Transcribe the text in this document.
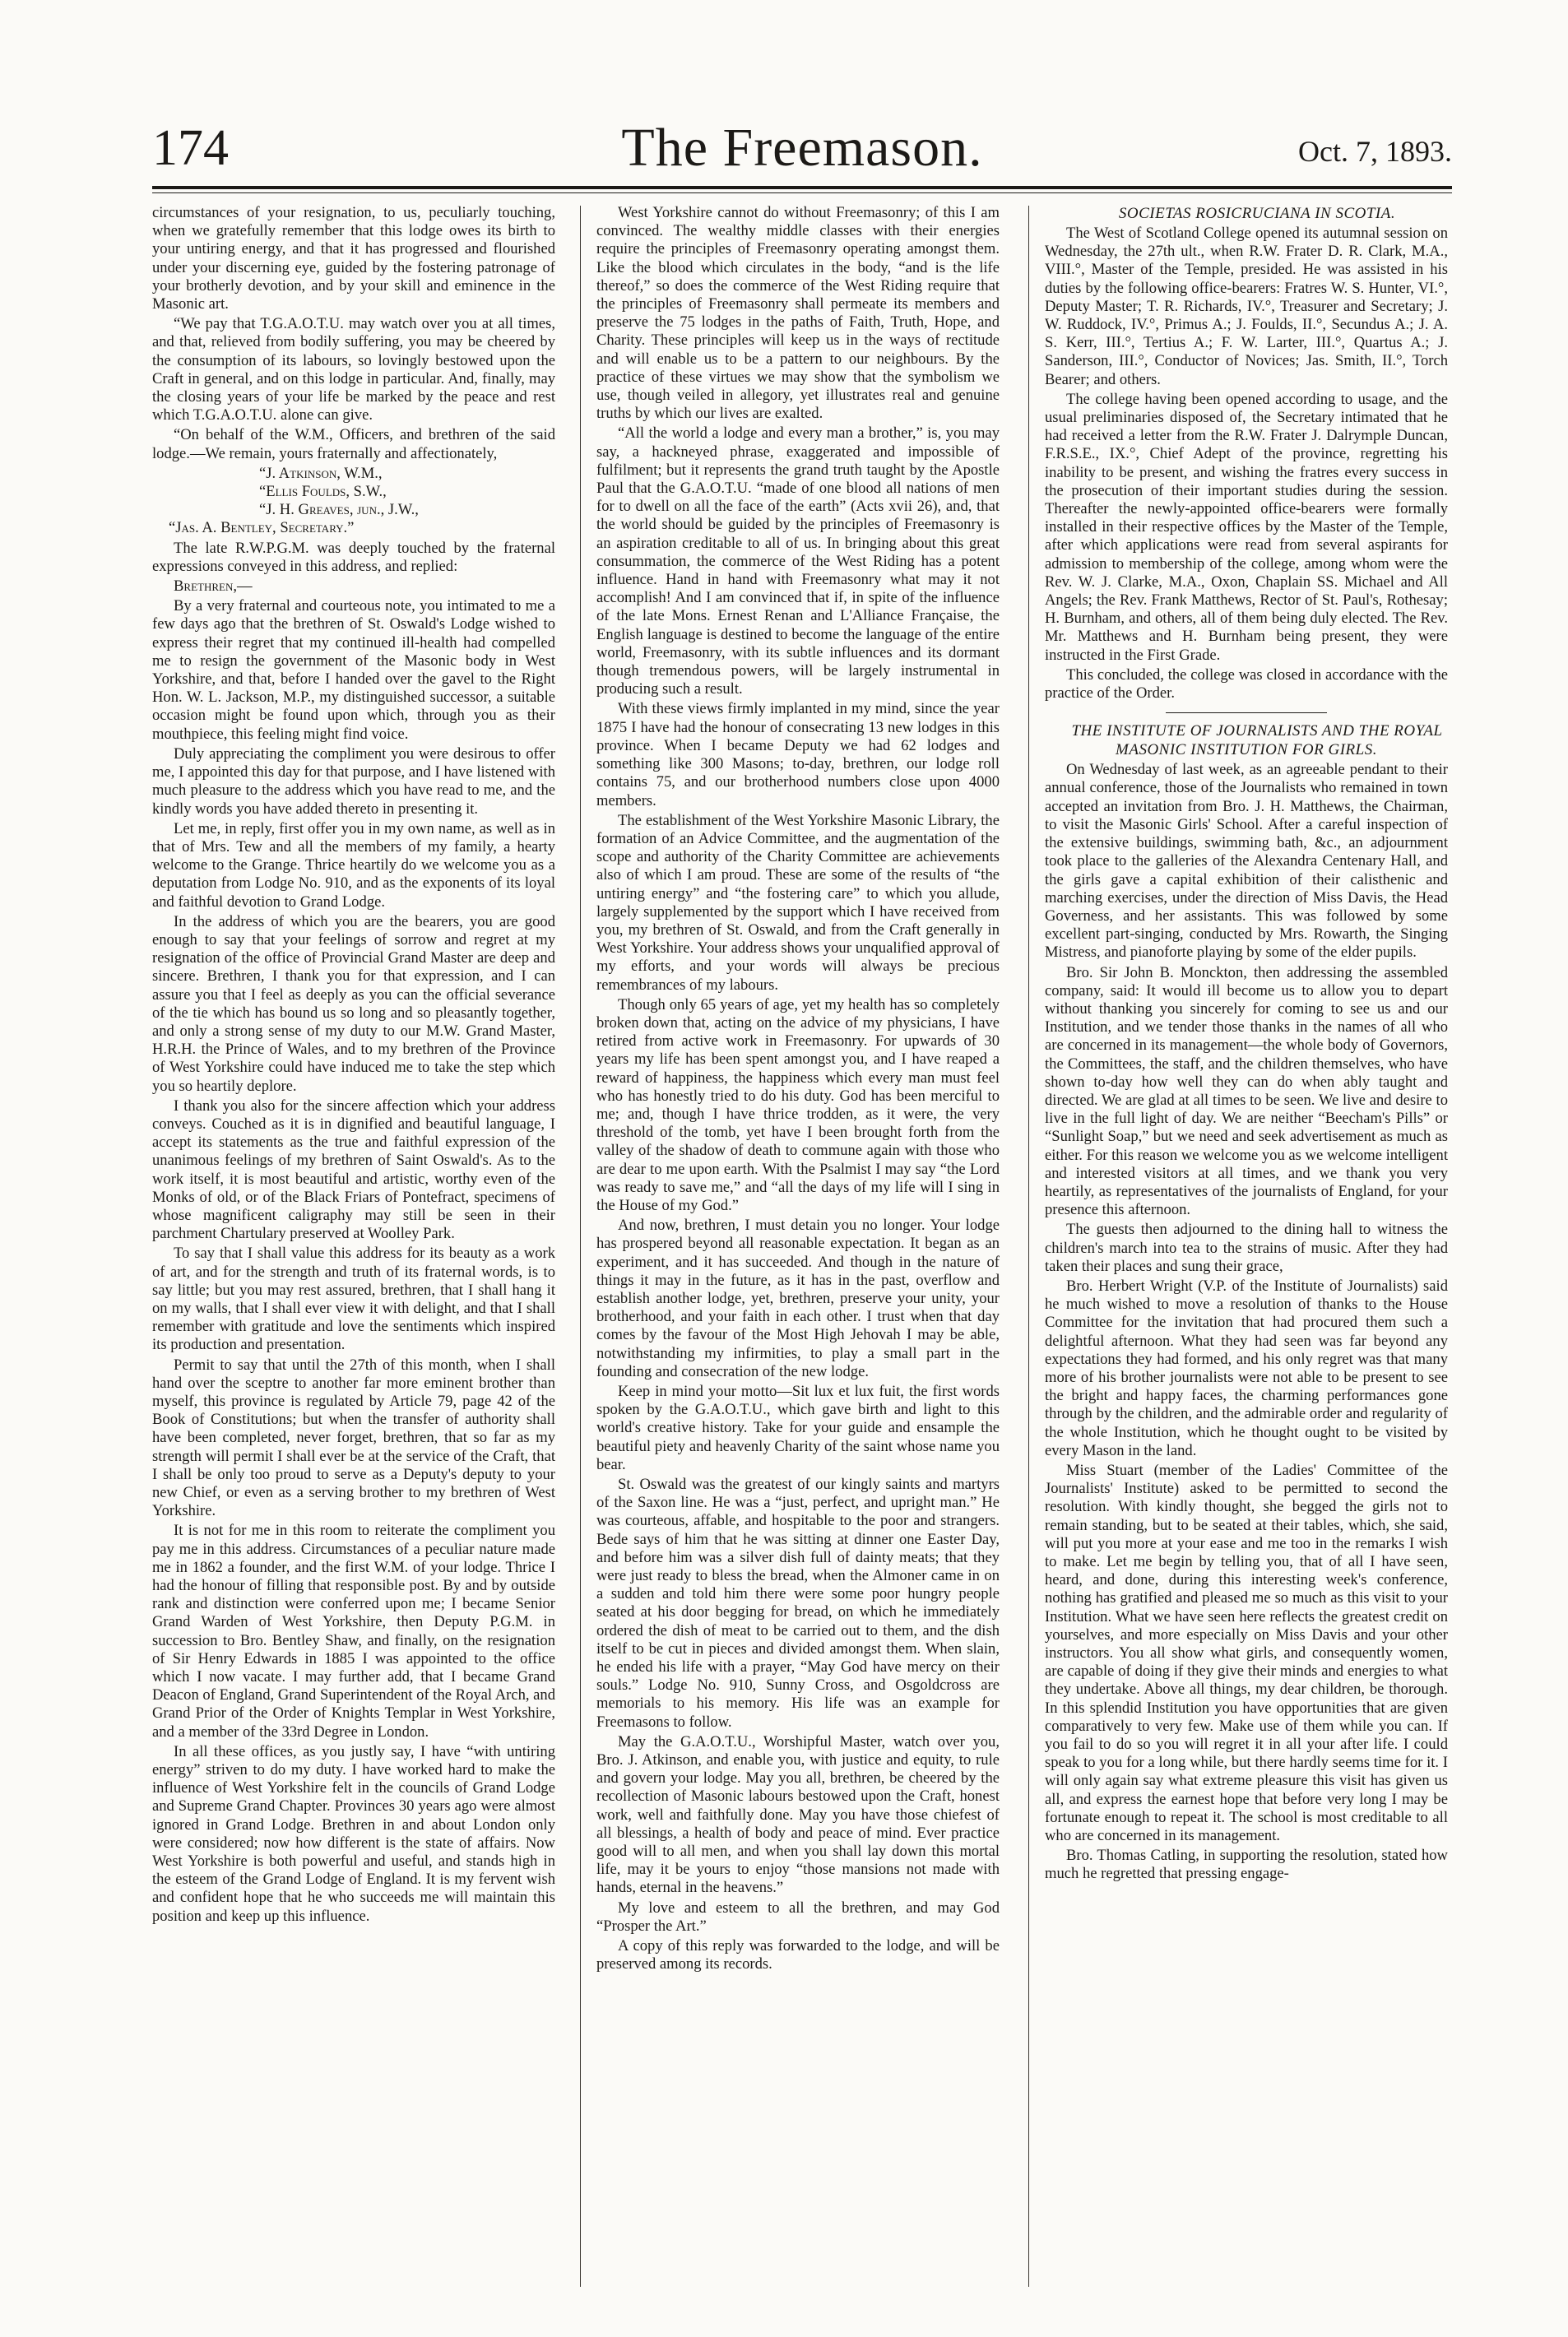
174	The Freemason.	Oct. 7, 1893.

circumstances of your resignation, to us, peculiarly touching, when we gratefully remember that this lodge owes its birth to your untiring energy, and that it has progressed and flourished under your discerning eye, guided by the fostering patronage of your brotherly devotion, and by your skill and eminence in the Masonic art.

“We pay that T.G.A.O.T.U. may watch over you at all times, and that, relieved from bodily suffering, you may be cheered by the consumption of its labours, so lovingly bestowed upon the Craft in general, and on this lodge in particular. And, finally, may the closing years of your life be marked by the peace and rest which T.G.A.O.T.U. alone can give.

“On behalf of the W.M., Officers, and brethren of the said lodge.—We remain, yours fraternally and affectionately,

“J. Atkinson, W.M.,

“Ellis Foulds, S.W.,

“J. H. Greaves, jun., J.W.,

“Jas. A. Bentley, Secretary.”

The late R.W.P.G.M. was deeply touched by the fraternal expressions conveyed in this address, and replied:

Brethren,—

By a very fraternal and courteous note, you intimated to me a few days ago that the brethren of St. Oswald's Lodge wished to express their regret that my continued ill-health had compelled me to resign the government of the Masonic body in West Yorkshire, and that, before I handed over the gavel to the Right Hon. W. L. Jackson, M.P., my distinguished successor, a suitable occasion might be found upon which, through you as their mouthpiece, this feeling might find voice.

Duly appreciating the compliment you were desirous to offer me, I appointed this day for that purpose, and I have listened with much pleasure to the address which you have read to me, and the kindly words you have added thereto in presenting it.

Let me, in reply, first offer you in my own name, as well as in that of Mrs. Tew and all the members of my family, a hearty welcome to the Grange. Thrice heartily do we welcome you as a deputation from Lodge No. 910, and as the exponents of its loyal and faithful devotion to Grand Lodge.

In the address of which you are the bearers, you are good enough to say that your feelings of sorrow and regret at my resignation of the office of Provincial Grand Master are deep and sincere. Brethren, I thank you for that expression, and I can assure you that I feel as deeply as you can the official severance of the tie which has bound us so long and so pleasantly together, and only a strong sense of my duty to our M.W. Grand Master, H.R.H. the Prince of Wales, and to my brethren of the Province of West Yorkshire could have induced me to take the step which you so heartily deplore.

I thank you also for the sincere affection which your address conveys. Couched as it is in dignified and beautiful language, I accept its statements as the true and faithful expression of the unanimous feelings of my brethren of Saint Oswald's. As to the work itself, it is most beautiful and artistic, worthy even of the Monks of old, or of the Black Friars of Pontefract, specimens of whose magnificent caligraphy may still be seen in their parchment Chartulary preserved at Woolley Park.

To say that I shall value this address for its beauty as a work of art, and for the strength and truth of its fraternal words, is to say little; but you may rest assured, brethren, that I shall hang it on my walls, that I shall ever view it with delight, and that I shall remember with gratitude and love the sentiments which inspired its production and presentation.

Permit to say that until the 27th of this month, when I shall hand over the sceptre to another far more eminent brother than myself, this province is regulated by Article 79, page 42 of the Book of Constitutions; but when the transfer of authority shall have been completed, never forget, brethren, that so far as my strength will permit I shall ever be at the service of the Craft, that I shall be only too proud to serve as a Deputy's deputy to your new Chief, or even as a serving brother to my brethren of West Yorkshire.

It is not for me in this room to reiterate the compliment you pay me in this address. Circumstances of a peculiar nature made me in 1862 a founder, and the first W.M. of your lodge. Thrice I had the honour of filling that responsible post. By and by outside rank and distinction were conferred upon me; I became Senior Grand Warden of West Yorkshire, then Deputy P.G.M. in succession to Bro. Bentley Shaw, and finally, on the resignation of Sir Henry Edwards in 1885 I was appointed to the office which I now vacate. I may further add, that I became Grand Deacon of England, Grand Superintendent of the Royal Arch, and Grand Prior of the Order of Knights Templar in West Yorkshire, and a member of the 33rd Degree in London.

In all these offices, as you justly say, I have “with untiring energy” striven to do my duty. I have worked hard to make the influence of West Yorkshire felt in the councils of Grand Lodge and Supreme Grand Chapter. Provinces 30 years ago were almost ignored in Grand Lodge. Brethren in and about London only were considered; now how different is the state of affairs. Now West Yorkshire is both powerful and useful, and stands high in the esteem of the Grand Lodge of England. It is my fervent wish and confident hope that he who succeeds me will maintain this position and keep up this influence.

West Yorkshire cannot do without Freemasonry; of this I am convinced. The wealthy middle classes with their energies require the principles of Freemasonry operating amongst them. Like the blood which circulates in the body, “and is the life thereof,” so does the commerce of the West Riding require that the principles of Freemasonry shall permeate its members and preserve the 75 lodges in the paths of Faith, Truth, Hope, and Charity. These principles will keep us in the ways of rectitude and will enable us to be a pattern to our neighbours. By the practice of these virtues we may show that the symbolism we use, though veiled in allegory, yet illustrates real and genuine truths by which our lives are exalted.

“All the world a lodge and every man a brother,” is, you may say, a hackneyed phrase, exaggerated and impossible of fulfilment; but it represents the grand truth taught by the Apostle Paul that the G.A.O.T.U. “made of one blood all nations of men for to dwell on all the face of the earth” (Acts xvii 26), and, that the world should be guided by the principles of Freemasonry is an aspiration creditable to all of us. In bringing about this great consummation, the commerce of the West Riding has a potent influence. Hand in hand with Freemasonry what may it not accomplish! And I am convinced that if, in spite of the influence of the late Mons. Ernest Renan and L'Alliance Française, the English language is destined to become the language of the entire world, Freemasonry, with its subtle influences and its dormant though tremendous powers, will be largely instrumental in producing such a result.

With these views firmly implanted in my mind, since the year 1875 I have had the honour of consecrating 13 new lodges in this province. When I became Deputy we had 62 lodges and something like 300 Masons; to-day, brethren, our lodge roll contains 75, and our brotherhood numbers close upon 4000 members.

The establishment of the West Yorkshire Masonic Library, the formation of an Advice Committee, and the augmentation of the scope and authority of the Charity Committee are achievements also of which I am proud. These are some of the results of “the untiring energy” and “the fostering care” to which you allude, largely supplemented by the support which I have received from you, my brethren of St. Oswald, and from the Craft generally in West Yorkshire. Your address shows your unqualified approval of my efforts, and your words will always be precious remembrances of my labours.

Though only 65 years of age, yet my health has so completely broken down that, acting on the advice of my physicians, I have retired from active work in Freemasonry. For upwards of 30 years my life has been spent amongst you, and I have reaped a reward of happiness, the happiness which every man must feel who has honestly tried to do his duty. God has been merciful to me; and, though I have thrice trodden, as it were, the very threshold of the tomb, yet have I been brought forth from the valley of the shadow of death to commune again with those who are dear to me upon earth. With the Psalmist I may say “the Lord was ready to save me,” and “all the days of my life will I sing in the House of my God.”

And now, brethren, I must detain you no longer. Your lodge has prospered beyond all reasonable expectation. It began as an experiment, and it has succeeded. And though in the nature of things it may in the future, as it has in the past, overflow and establish another lodge, yet, brethren, preserve your unity, your brotherhood, and your faith in each other. I trust when that day comes by the favour of the Most High Jehovah I may be able, notwithstanding my infirmities, to play a small part in the founding and consecration of the new lodge.

Keep in mind your motto—Sit lux et lux fuit, the first words spoken by the G.A.O.T.U., which gave birth and light to this world's creative history. Take for your guide and ensample the beautiful piety and heavenly Charity of the saint whose name you bear.

St. Oswald was the greatest of our kingly saints and martyrs of the Saxon line. He was a “just, perfect, and upright man.” He was courteous, affable, and hospitable to the poor and strangers. Bede says of him that he was sitting at dinner one Easter Day, and before him was a silver dish full of dainty meats; that they were just ready to bless the bread, when the Almoner came in on a sudden and told him there were some poor hungry people seated at his door begging for bread, on which he immediately ordered the dish of meat to be carried out to them, and the dish itself to be cut in pieces and divided amongst them. When slain, he ended his life with a prayer, “May God have mercy on their souls.” Lodge No. 910, Sunny Cross, and Osgoldcross are memorials to his memory. His life was an example for Freemasons to follow.

May the G.A.O.T.U., Worshipful Master, watch over you, Bro. J. Atkinson, and enable you, with justice and equity, to rule and govern your lodge. May you all, brethren, be cheered by the recollection of Masonic labours bestowed upon the Craft, honest work, well and faithfully done. May you have those chiefest of all blessings, a health of body and peace of mind. Ever practice good will to all men, and when you shall lay down this mortal life, may it be yours to enjoy “those mansions not made with hands, eternal in the heavens.”

My love and esteem to all the brethren, and may God “Prosper the Art.”

A copy of this reply was forwarded to the lodge, and will be preserved among its records.

SOCIETAS ROSICRUCIANA IN SCOTIA.

The West of Scotland College opened its autumnal session on Wednesday, the 27th ult., when R.W. Frater D. R. Clark, M.A., VIII.°, Master of the Temple, presided. He was assisted in his duties by the following office-bearers: Fratres W. S. Hunter, VI.°, Deputy Master; T. R. Richards, IV.°, Treasurer and Secretary; J. W. Ruddock, IV.°, Primus A.; J. Foulds, II.°, Secundus A.; J. A. S. Kerr, III.°, Tertius A.; F. W. Larter, III.°, Quartus A.; J. Sanderson, III.°, Conductor of Novices; Jas. Smith, II.°, Torch Bearer; and others.

The college having been opened according to usage, and the usual preliminaries disposed of, the Secretary intimated that he had received a letter from the R.W. Frater J. Dalrymple Duncan, F.R.S.E., IX.°, Chief Adept of the province, regretting his inability to be present, and wishing the fratres every success in the prosecution of their important studies during the session. Thereafter the newly-appointed office-bearers were formally installed in their respective offices by the Master of the Temple, after which applications were read from several aspirants for admission to membership of the college, among whom were the Rev. W. J. Clarke, M.A., Oxon, Chaplain SS. Michael and All Angels; the Rev. Frank Matthews, Rector of St. Paul's, Rothesay; H. Burnham, and others, all of them being duly elected. The Rev. Mr. Matthews and H. Burnham being present, they were instructed in the First Grade.

This concluded, the college was closed in accordance with the practice of the Order.

THE INSTITUTE OF JOURNALISTS AND THE ROYAL MASONIC INSTITUTION FOR GIRLS.

On Wednesday of last week, as an agreeable pendant to their annual conference, those of the Journalists who remained in town accepted an invitation from Bro. J. H. Matthews, the Chairman, to visit the Masonic Girls' School. After a careful inspection of the extensive buildings, swimming bath, &c., an adjournment took place to the galleries of the Alexandra Centenary Hall, and the girls gave a capital exhibition of their calisthenic and marching exercises, under the direction of Miss Davis, the Head Governess, and her assistants. This was followed by some excellent part-singing, conducted by Mrs. Rowarth, the Singing Mistress, and pianoforte playing by some of the elder pupils.

Bro. Sir John B. Monckton, then addressing the assembled company, said: It would ill become us to allow you to depart without thanking you sincerely for coming to see us and our Institution, and we tender those thanks in the names of all who are concerned in its management—the whole body of Governors, the Committees, the staff, and the children themselves, who have shown to-day how well they can do when ably taught and directed. We are glad at all times to be seen. We live and desire to live in the full light of day. We are neither “Beecham's Pills” or “Sunlight Soap,” but we need and seek advertisement as much as either. For this reason we welcome you as we welcome intelligent and interested visitors at all times, and we thank you very heartily, as representatives of the journalists of England, for your presence this afternoon.

The guests then adjourned to the dining hall to witness the children's march into tea to the strains of music. After they had taken their places and sung their grace,

Bro. Herbert Wright (V.P. of the Institute of Journalists) said he much wished to move a resolution of thanks to the House Committee for the invitation that had procured them such a delightful afternoon. What they had seen was far beyond any expectations they had formed, and his only regret was that many more of his brother journalists were not able to be present to see the bright and happy faces, the charming performances gone through by the children, and the admirable order and regularity of the whole Institution, which he thought ought to be visited by every Mason in the land.

Miss Stuart (member of the Ladies' Committee of the Journalists' Institute) asked to be permitted to second the resolution. With kindly thought, she begged the girls not to remain standing, but to be seated at their tables, which, she said, will put you more at your ease and me too in the remarks I wish to make. Let me begin by telling you, that of all I have seen, heard, and done, during this interesting week's conference, nothing has gratified and pleased me so much as this visit to your Institution. What we have seen here reflects the greatest credit on yourselves, and more especially on Miss Davis and your other instructors. You all show what girls, and consequently women, are capable of doing if they give their minds and energies to what they undertake. Above all things, my dear children, be thorough. In this splendid Institution you have opportunities that are given comparatively to very few. Make use of them while you can. If you fail to do so you will regret it in all your after life. I could speak to you for a long while, but there hardly seems time for it. I will only again say what extreme pleasure this visit has given us all, and express the earnest hope that before very long I may be fortunate enough to repeat it. The school is most creditable to all who are concerned in its management.

Bro. Thomas Catling, in supporting the resolution, stated how much he regretted that pressing engage-
